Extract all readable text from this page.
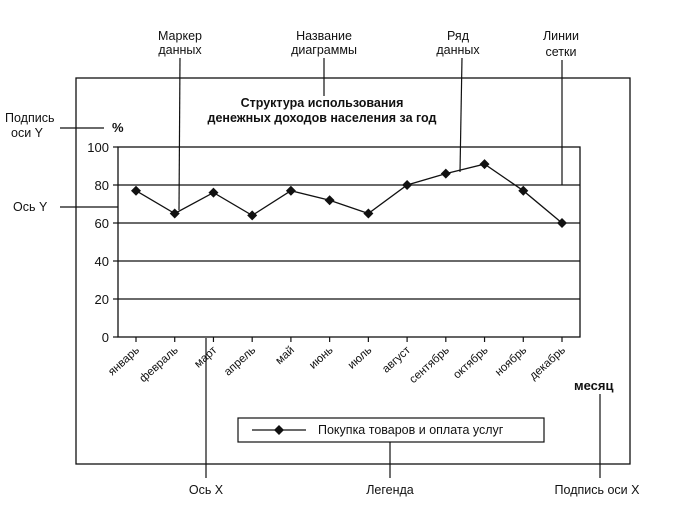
0
20
40
60
80
100
январь
февраль март апрель май июнь июль август
сентябрь октябрь ноябрь
декабрь
Структура использования
денежных доходов населения за год
%
месяц
Покупка товаров и оплата услуг
Маркер
данных
Название
диаграммы
Ряд
данных
Линии
сетки
Подпись
оси Y
Ось Y
Ось X	Легенда	Подпись оси X
